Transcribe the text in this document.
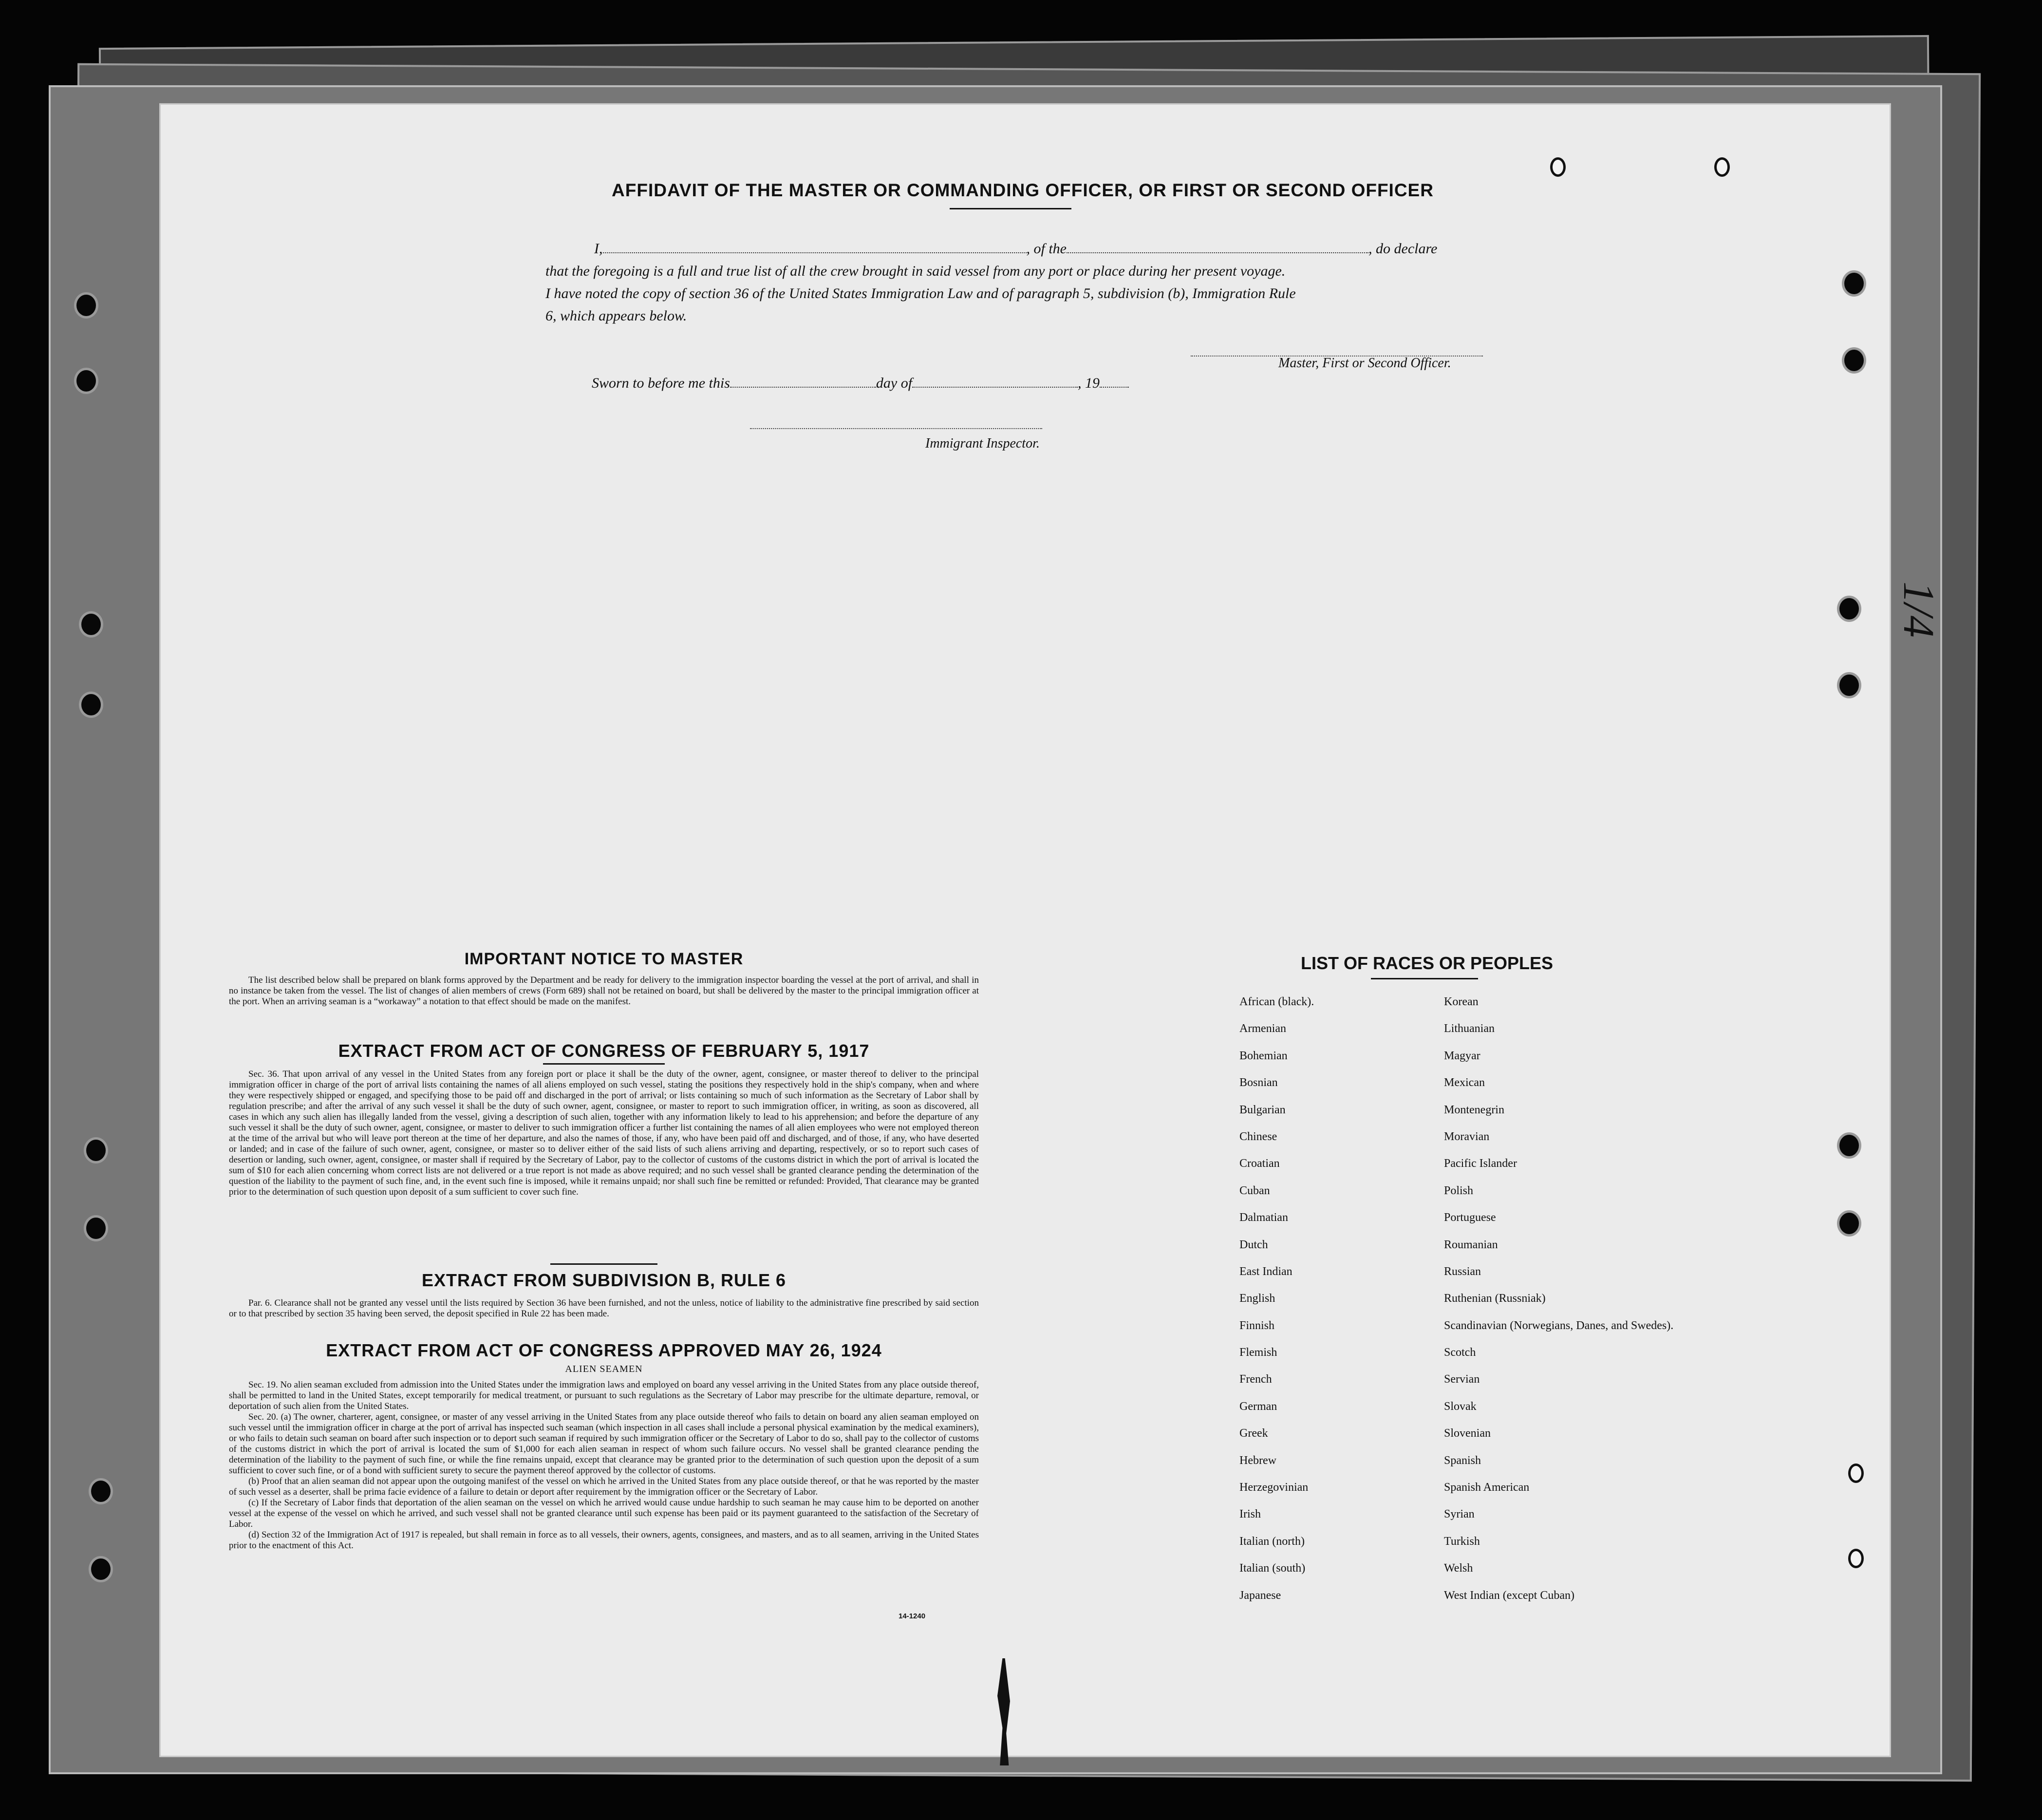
AFFIDAVIT OF THE MASTER OR COMMANDING OFFICER, OR FIRST OR SECOND OFFICER
I,	, of the	, do declare
that the foregoing is a full and true list of all the crew brought in said vessel from any port or place during her present voyage.
I have noted the copy of section 36 of the United States Immigration Law and of paragraph 5, subdivision (b), Immigration Rule
6, which appears below.
Master, First or Second Officer.
Sworn to before me this	day of	, 19
Immigrant Inspector.
IMPORTANT NOTICE TO MASTER

The list described below shall be prepared on blank forms approved by the Department and be ready for delivery to the immigration inspector boarding the vessel at the port of arrival, and shall in no instance be taken from the vessel. The list of changes of alien members of crews (Form 689) shall not be retained on board, but shall be delivered by the master to the principal immigration officer at the port. When an arriving seaman is a “workaway” a notation to that effect should be made on the manifest.

EXTRACT FROM ACT OF CONGRESS OF FEBRUARY 5, 1917

Sec. 36. That upon arrival of any vessel in the United States from any foreign port or place it shall be the duty of the owner, agent, consignee, or master thereof to deliver to the principal immigration officer in charge of the port of arrival lists containing the names of all aliens employed on such vessel, stating the positions they respectively hold in the ship's company, when and where they were respectively shipped or engaged, and specifying those to be paid off and discharged in the port of arrival; or lists containing so much of such information as the Secretary of Labor shall by regulation prescribe; and after the arrival of any such vessel it shall be the duty of such owner, agent, consignee, or master to report to such immigration officer, in writing, as soon as discovered, all cases in which any such alien has illegally landed from the vessel, giving a description of such alien, together with any information likely to lead to his apprehension; and before the departure of any such vessel it shall be the duty of such owner, agent, consignee, or master to deliver to such immigration officer a further list containing the names of all alien employees who were not employed thereon at the time of the arrival but who will leave port thereon at the time of her departure, and also the names of those, if any, who have been paid off and discharged, and of those, if any, who have deserted or landed; and in case of the failure of such owner, agent, consignee, or master so to deliver either of the said lists of such aliens arriving and departing, respectively, or so to report such cases of desertion or landing, such owner, agent, consignee, or master shall if required by the Secretary of Labor, pay to the collector of customs of the customs district in which the port of arrival is located the sum of $10 for each alien concerning whom correct lists are not delivered or a true report is not made as above required; and no such vessel shall be granted clearance pending the determination of the question of the liability to the payment of such fine, and, in the event such fine is imposed, while it remains unpaid; nor shall such fine be remitted or refunded: Provided, That clearance may be granted prior to the determination of such question upon deposit of a sum sufficient to cover such fine.

EXTRACT FROM SUBDIVISION B, RULE 6

Par. 6. Clearance shall not be granted any vessel until the lists required by Section 36 have been furnished, and not the unless, notice of liability to the administrative fine prescribed by said section or to that prescribed by section 35 having been served, the deposit specified in Rule 22 has been made.

EXTRACT FROM ACT OF CONGRESS APPROVED MAY 26, 1924
ALIEN SEAMEN

Sec. 19. No alien seaman excluded from admission into the United States under the immigration laws and employed on board any vessel arriving in the United States from any place outside thereof, shall be permitted to land in the United States, except temporarily for medical treatment, or pursuant to such regulations as the Secretary of Labor may prescribe for the ultimate departure, removal, or deportation of such alien from the United States.

Sec. 20. (a) The owner, charterer, agent, consignee, or master of any vessel arriving in the United States from any place outside thereof who fails to detain on board any alien seaman employed on such vessel until the immigration officer in charge at the port of arrival has inspected such seaman (which inspection in all cases shall include a personal physical examination by the medical examiners), or who fails to detain such seaman on board after such inspection or to deport such seaman if required by such immigration officer or the Secretary of Labor to do so, shall pay to the collector of customs of the customs district in which the port of arrival is located the sum of $1,000 for each alien seaman in respect of whom such failure occurs. No vessel shall be granted clearance pending the determination of the liability to the payment of such fine, or while the fine remains unpaid, except that clearance may be granted prior to the determination of such question upon the deposit of a sum sufficient to cover such fine, or of a bond with sufficient surety to secure the payment thereof approved by the collector of customs.

(b) Proof that an alien seaman did not appear upon the outgoing manifest of the vessel on which he arrived in the United States from any place outside thereof, or that he was reported by the master of such vessel as a deserter, shall be prima facie evidence of a failure to detain or deport after requirement by the immigration officer or the Secretary of Labor.

(c) If the Secretary of Labor finds that deportation of the alien seaman on the vessel on which he arrived would cause undue hardship to such seaman he may cause him to be deported on another vessel at the expense of the vessel on which he arrived, and such vessel shall not be granted clearance until such expense has been paid or its payment guaranteed to the satisfaction of the Secretary of Labor.

(d) Section 32 of the Immigration Act of 1917 is repealed, but shall remain in force as to all vessels, their owners, agents, consignees, and masters, and as to all seamen, arriving in the United States prior to the enactment of this Act.

14-1240
LIST OF RACES OR PEOPLES
African (black).	Korean
Armenian	Lithuanian
Bohemian	Magyar
Bosnian	Mexican
Bulgarian	Montenegrin
Chinese	Moravian
Croatian	Pacific Islander
Cuban	Polish
Dalmatian	Portuguese
Dutch	Roumanian
East Indian	Russian
English	Ruthenian (Russniak)
Finnish	Scandinavian (Norwegians, Danes, and Swedes).
Flemish	Scotch
French	Servian
German	Slovak
Greek	Slovenian
Hebrew	Spanish
Herzegovinian	Spanish American
Irish	Syrian
Italian (north)	Turkish
Italian (south)	Welsh
Japanese	West Indian (except Cuban)
1/4
